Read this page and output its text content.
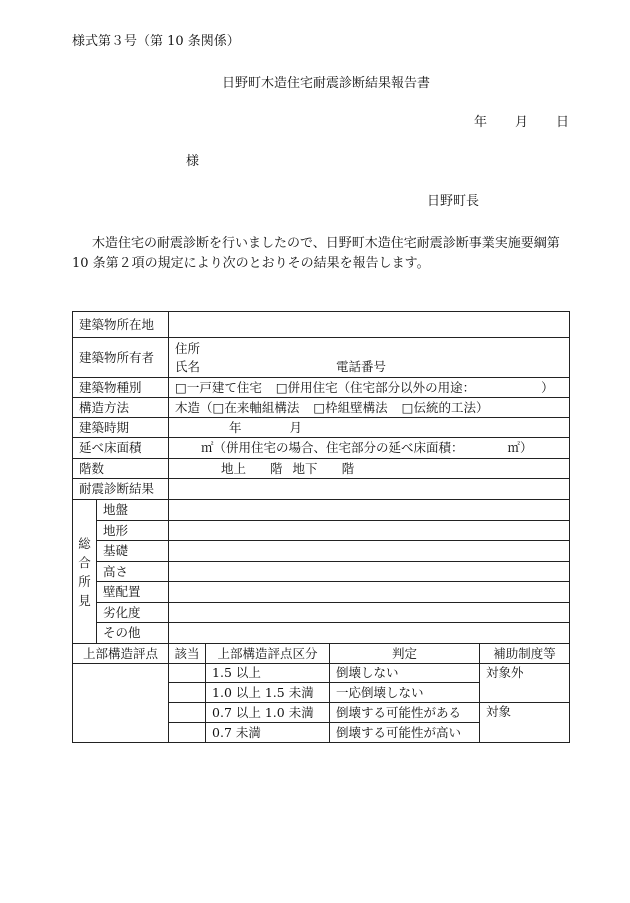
様式第３号（第 10 条関係）
日野町木造住宅耐震診断結果報告書
年 月 日
様
日野町長
木造住宅の耐震診断を行いましたので、日野町木造住宅耐震診断事業実施要綱第
10 条第２項の規定により次のとおりその結果を報告します。
建築物所在地					
建築物所有者		住所
氏名 電話番号			

建築物種別		□一戸建て住宅 □併用住宅（住宅部分以外の用途： ）			
構造方法		木造（□在来軸組構法 □枠組壁構法 □伝統的工法）			
建築時期		年 月			
延べ床面積		㎡（併用住宅の場合、住宅部分の延べ床面積： ㎡）			
階数		地上 階 地下 階			
耐震診断結果					

総
合
所
見	地盤				
	地形				
	基礎				
	高さ				
	壁配置				
	劣化度				
	その他				
上部構造評点		該当	上部構造評点区分	判定	補助制度等
			1.5 以上	倒壊しない	対象外
			1.0 以上 1.5 未満	一応倒壊しない	
			0.7 以上 1.0 未満	倒壊する可能性がある	対象
			0.7 未満	倒壊する可能性が高い	
